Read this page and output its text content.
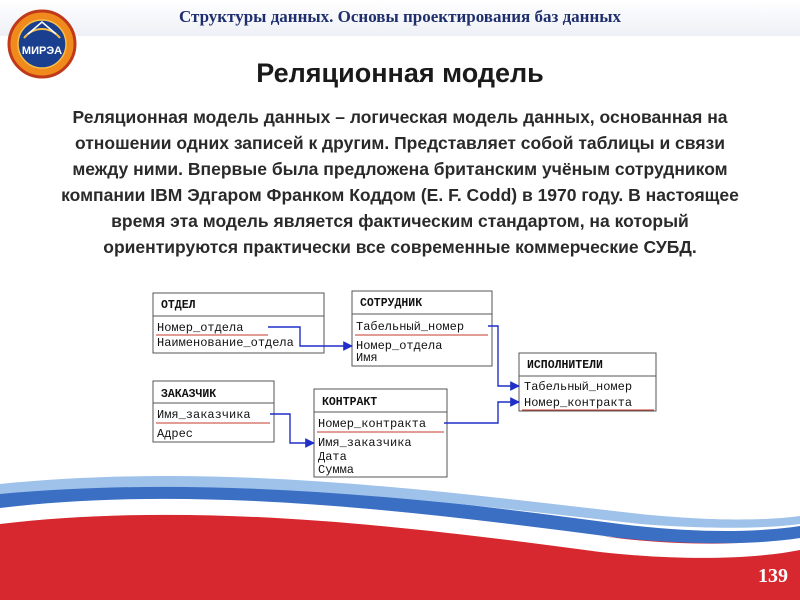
МИРЭА
Структуры данных. Основы проектирования баз данных
Реляционная модель
Реляционная модель данных – логическая модель данных, основанная на отношении одних записей к другим. Представляет собой таблицы и связи между ними. Впервые была предложена британским учёным сотрудником компании IBM Эдгаром Франком Коддом (E. F. Codd) в 1970 году. В настоящее время эта модель является фактическим стандартом, на который ориентируются практически все современные коммерческие СУБД.
ОТДЕЛ
Номер_отдела
Наименование_отдела
СОТРУДНИК
Табельный_номер
Номер_отдела
Имя
ИСПОЛНИТЕЛИ
Табельный_номер
Номер_контракта
ЗАКАЗЧИК
Имя_заказчика
Адрес
КОНТРАКТ
Номер_контракта
Имя_заказчика
Дата
Сумма
139
